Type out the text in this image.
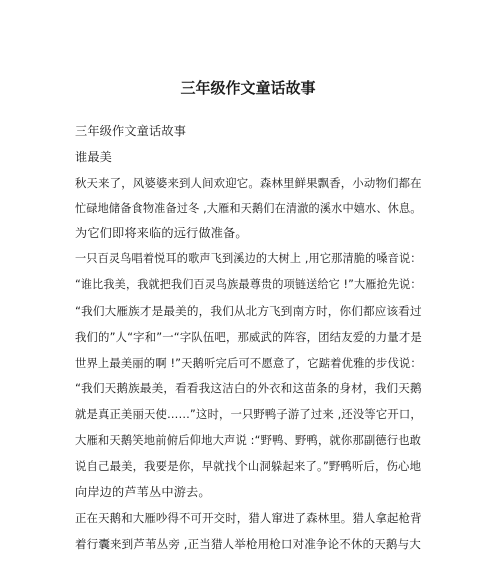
三年级作文童话故事
三年级作文童话故事
谁最美
秋天来了，风婆婆来到人间欢迎它。森林里鲜果飘香，小动物们都在
忙碌地储备食物准备过冬 ,大雁和天鹅们在清澈的溪水中嬉水、休息。
为它们即将来临的远行做准备。
一只百灵鸟唱着悦耳的歌声飞到溪边的大树上 ,用它那清脆的嗓音说：
“谁比我美，我就把我们百灵鸟族最尊贵的项链送给它 !”大雁抢先说：
“我们大雁族才是最美的，我们从北方飞到南方时，你们都应该看过
我们的”人“字和”一“字队伍吧，那威武的阵容，团结友爱的力量才是
世界上最美丽的啊 !”天鹅听完后可不愿意了，它踮着优雅的步伐说：
“我们天鹅族最美，看看我这洁白的外衣和这苗条的身材，我们天鹅
就是真正美丽天使……”这时，一只野鸭子游了过来 ,还没等它开口，
大雁和天鹅笑地前俯后仰地大声说 :“野鸭、野鸭，就你那副德行也敢
说自己最美，我要是你，早就找个山洞躲起来了。”野鸭听后，伤心地
向岸边的芦苇丛中游去。
正在天鹅和大雁吵得不可开交时，猎人窜进了森林里。猎人拿起枪背
着行囊来到芦苇丛旁 ,正当猎人举枪用枪口对准争论不休的天鹅与大
